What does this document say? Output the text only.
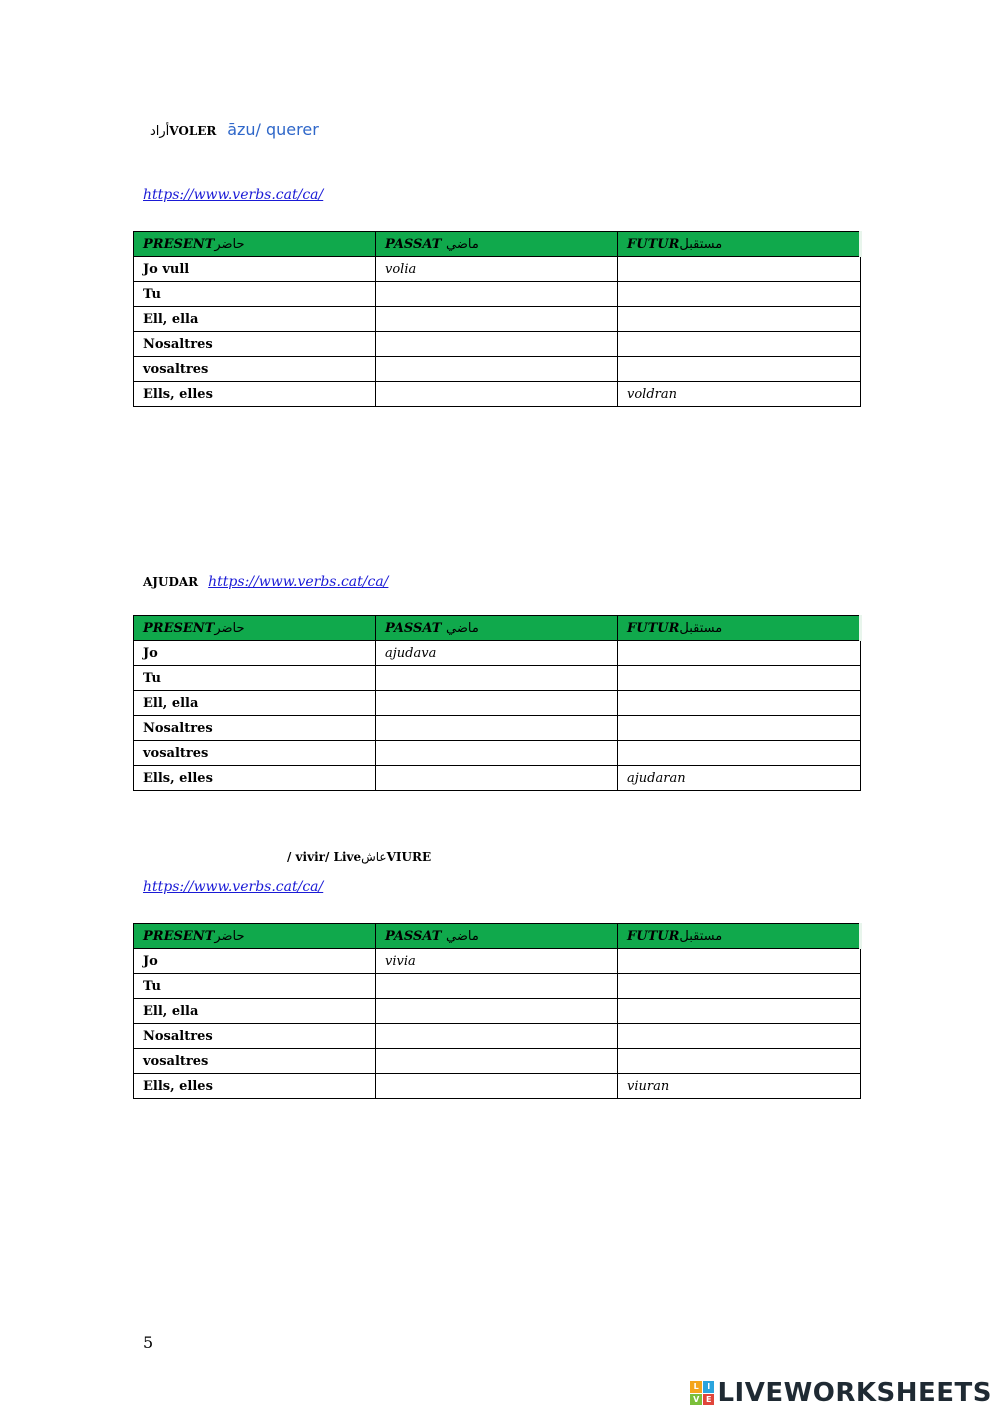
أرادVOLER āzu/ querer
https://www.verbs.cat/ca/
PRESENTحاضر	PASSAT ماضي	FUTURمستقبل
Jo vull	volia	
Tu		
Ell, ella		
Nosaltres		
vosaltres		
Ells, elles		voldran
AJUDAR https://www.verbs.cat/ca/
PRESENTحاضر	PASSAT ماضي	FUTURمستقبل
Jo	ajudava	
Tu		
Ell, ella		
Nosaltres		
vosaltres		
Ells, elles		ajudaran
/ vivir/ LiveعاشVIURE
https://www.verbs.cat/ca/
PRESENTحاضر	PASSAT ماضي	FUTURمستقبل
Jo	vivia	
Tu		
Ell, ella		
Nosaltres		
vosaltres		
Ells, elles		viuran
5
L	I
V E LIVEWORKSHEETS
